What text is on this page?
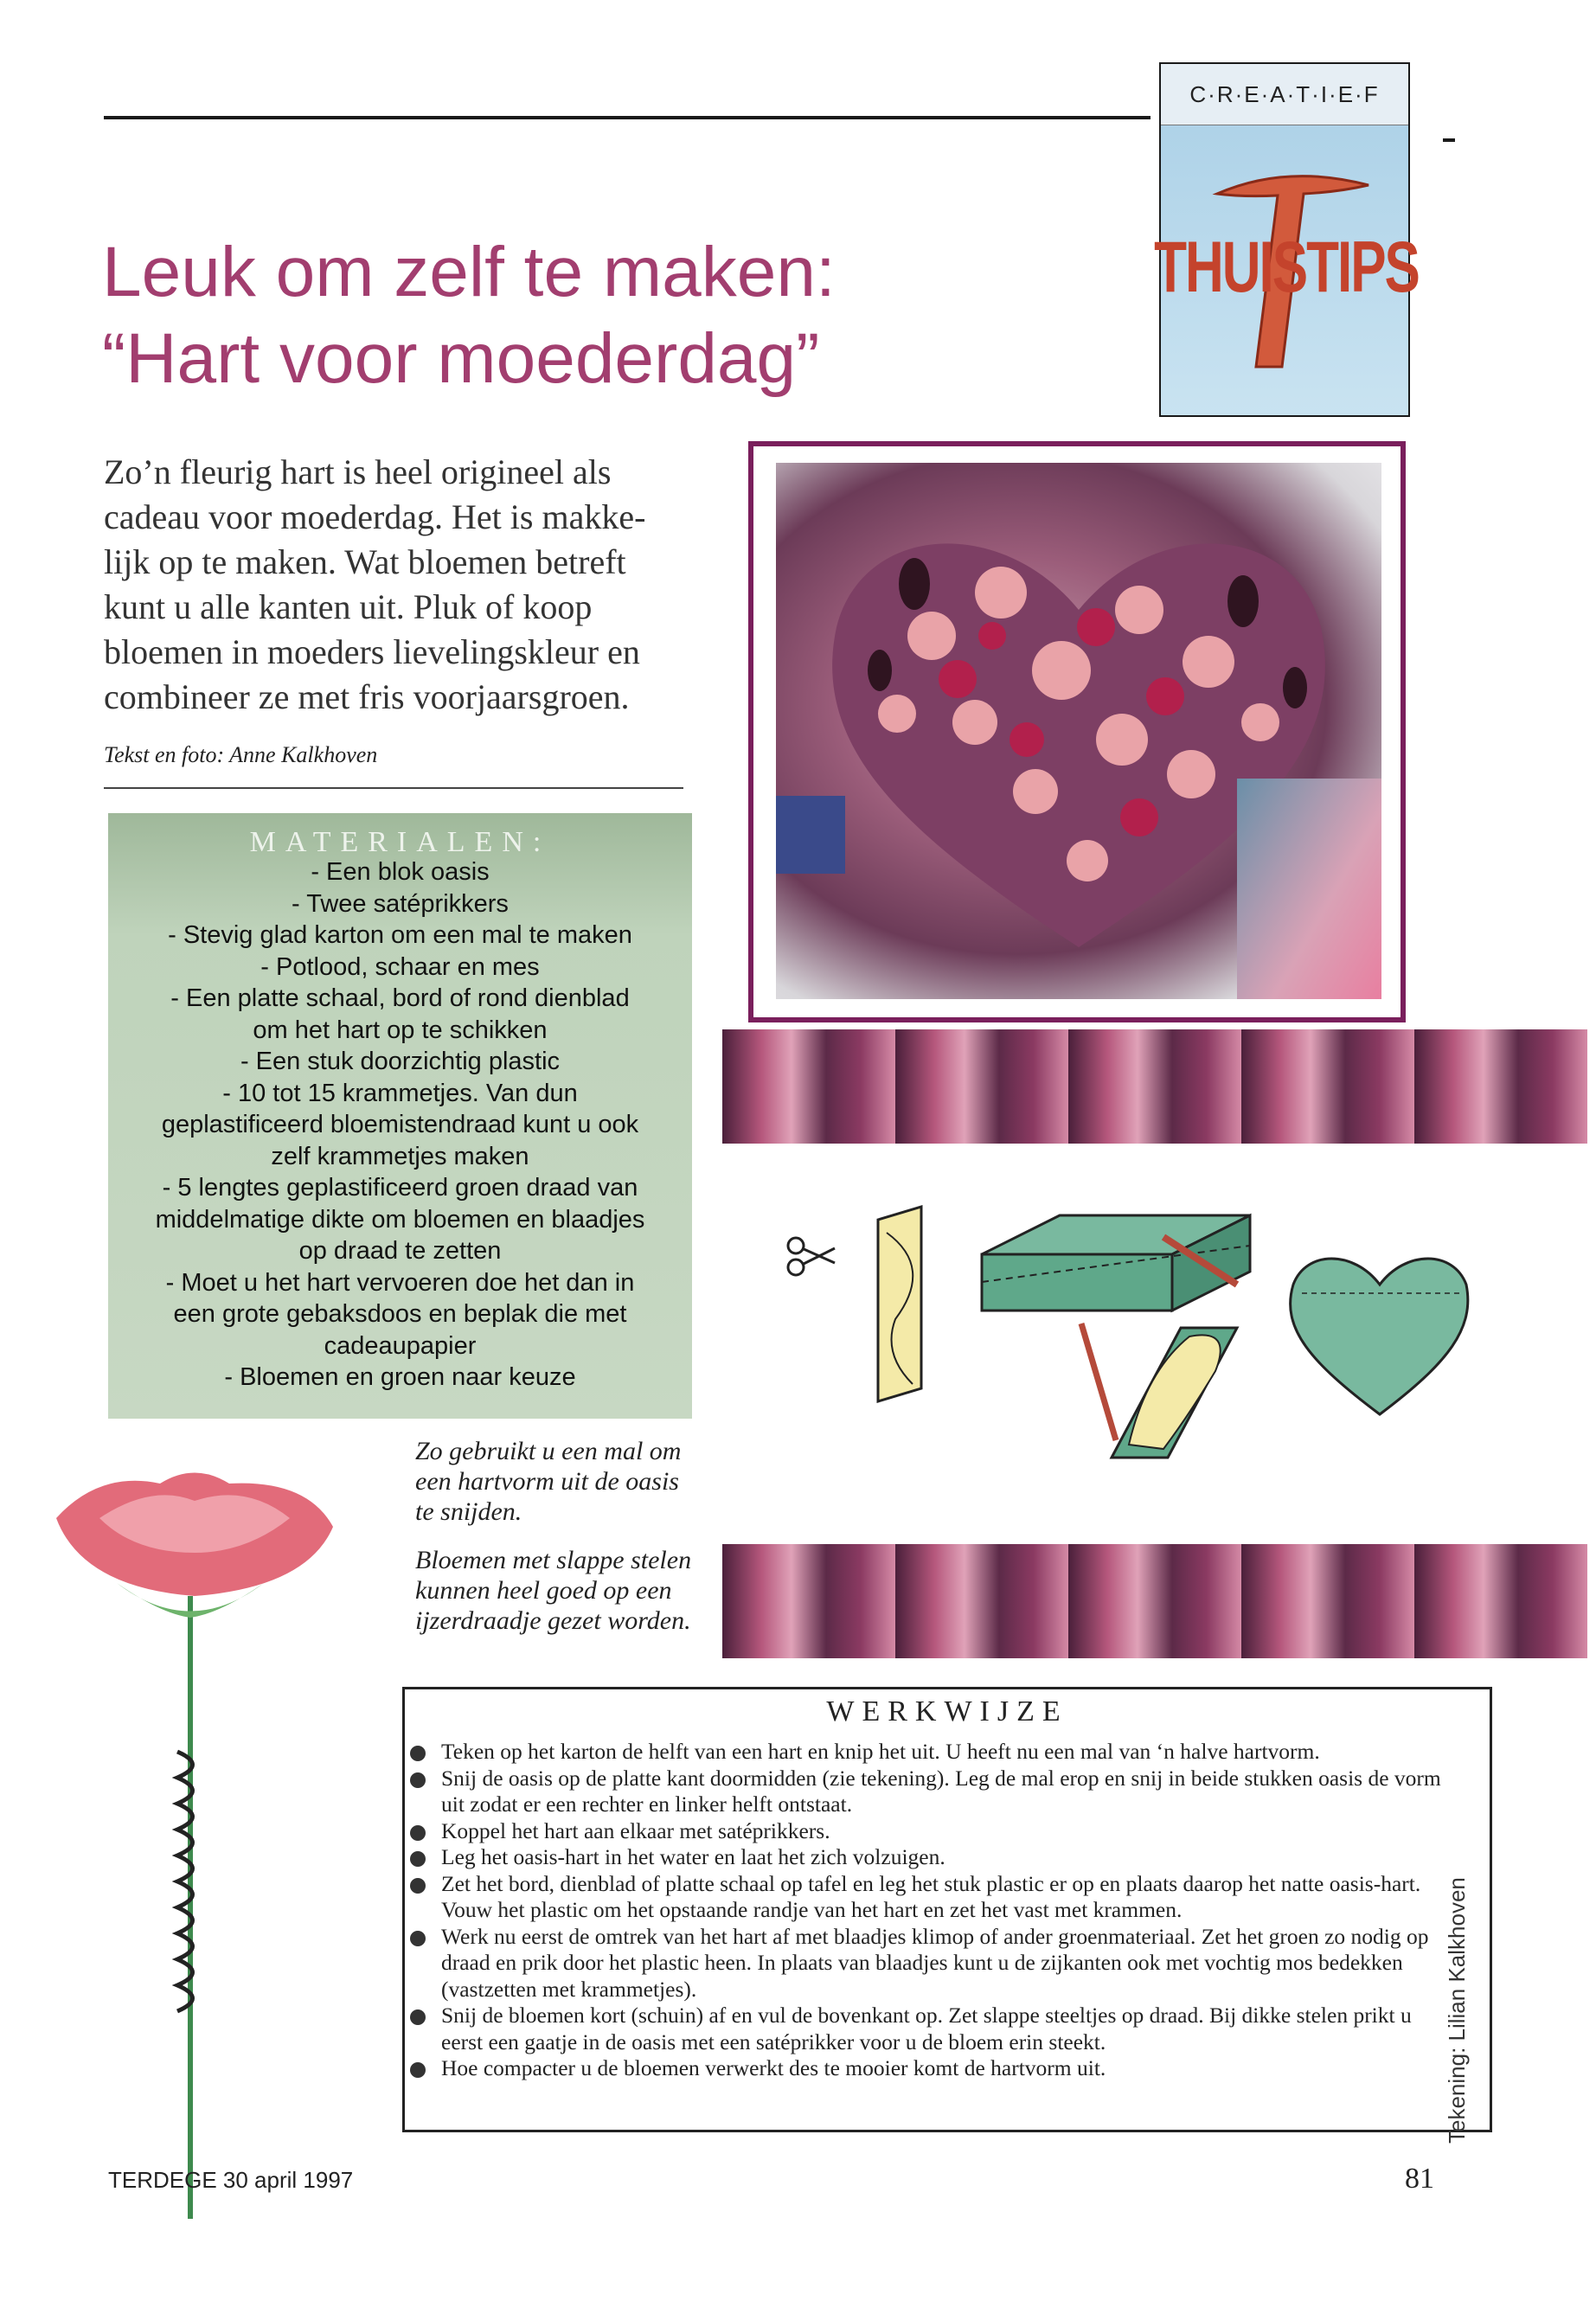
C·R·E·A·T·I·E·F
THUISTIPS
Leuk om zelf te maken:
“Hart voor moederdag”
Zo’n fleurig hart is heel origineel als
cadeau voor moederdag. Het is makke-
lijk op te maken. Wat bloemen betreft
kunt u alle kanten uit. Pluk of koop
bloemen in moeders lievelingskleur en
combineer ze met fris voorjaarsgroen.
Tekst en foto: Anne Kalkhoven
MATERIALEN:
- Een blok oasis
- Twee satéprikkers
- Stevig glad karton om een mal te maken
- Potlood, schaar en mes
- Een platte schaal, bord of rond dienblad
om het hart op te schikken
- Een stuk doorzichtig plastic
- 10 tot 15 krammetjes. Van dun
geplastificeerd bloemistendraad kunt u ook
zelf krammetjes maken
- 5 lengtes geplastificeerd groen draad van
middelmatige dikte om bloemen en blaadjes
op draad te zetten
- Moet u het hart vervoeren doe het dan in
een grote gebaksdoos en beplak die met
cadeaupapier
- Bloemen en groen naar keuze
Zo gebruikt u een mal om een hartvorm uit de oasis te snijden.
Bloemen met slappe stelen kunnen heel goed op een ijzerdraadje gezet worden.
WERKWIJZE
Teken op het karton de helft van een hart en knip het uit. U heeft nu een mal van ‘n halve hartvorm.
Snij de oasis op de platte kant doormidden (zie tekening). Leg de mal erop en snij in beide stukken oasis de vorm uit zodat er een rechter en linker helft ontstaat.
Koppel het hart aan elkaar met satéprikkers.
Leg het oasis-hart in het water en laat het zich volzuigen.
Zet het bord, dienblad of platte schaal op tafel en leg het stuk plastic er op en plaats daarop het natte oasis-hart. Vouw het plastic om het opstaande randje van het hart en zet het vast met krammen.
Werk nu eerst de omtrek van het hart af met blaadjes klimop of ander groenmateriaal. Zet het groen zo nodig op draad en prik door het plastic heen. In plaats van blaadjes kunt u de zijkanten ook met vochtig mos bedekken (vastzetten met krammetjes).
Snij de bloemen kort (schuin) af en vul de bovenkant op. Zet slappe steeltjes op draad. Bij dikke stelen prikt u eerst een gaatje in de oasis met een satéprikker voor u de bloem erin steekt.
Hoe compacter u de bloemen verwerkt des te mooier komt de hartvorm uit.	Tekening: Lilian Kalkhoven
TERDEGE 30 april 1997	81
